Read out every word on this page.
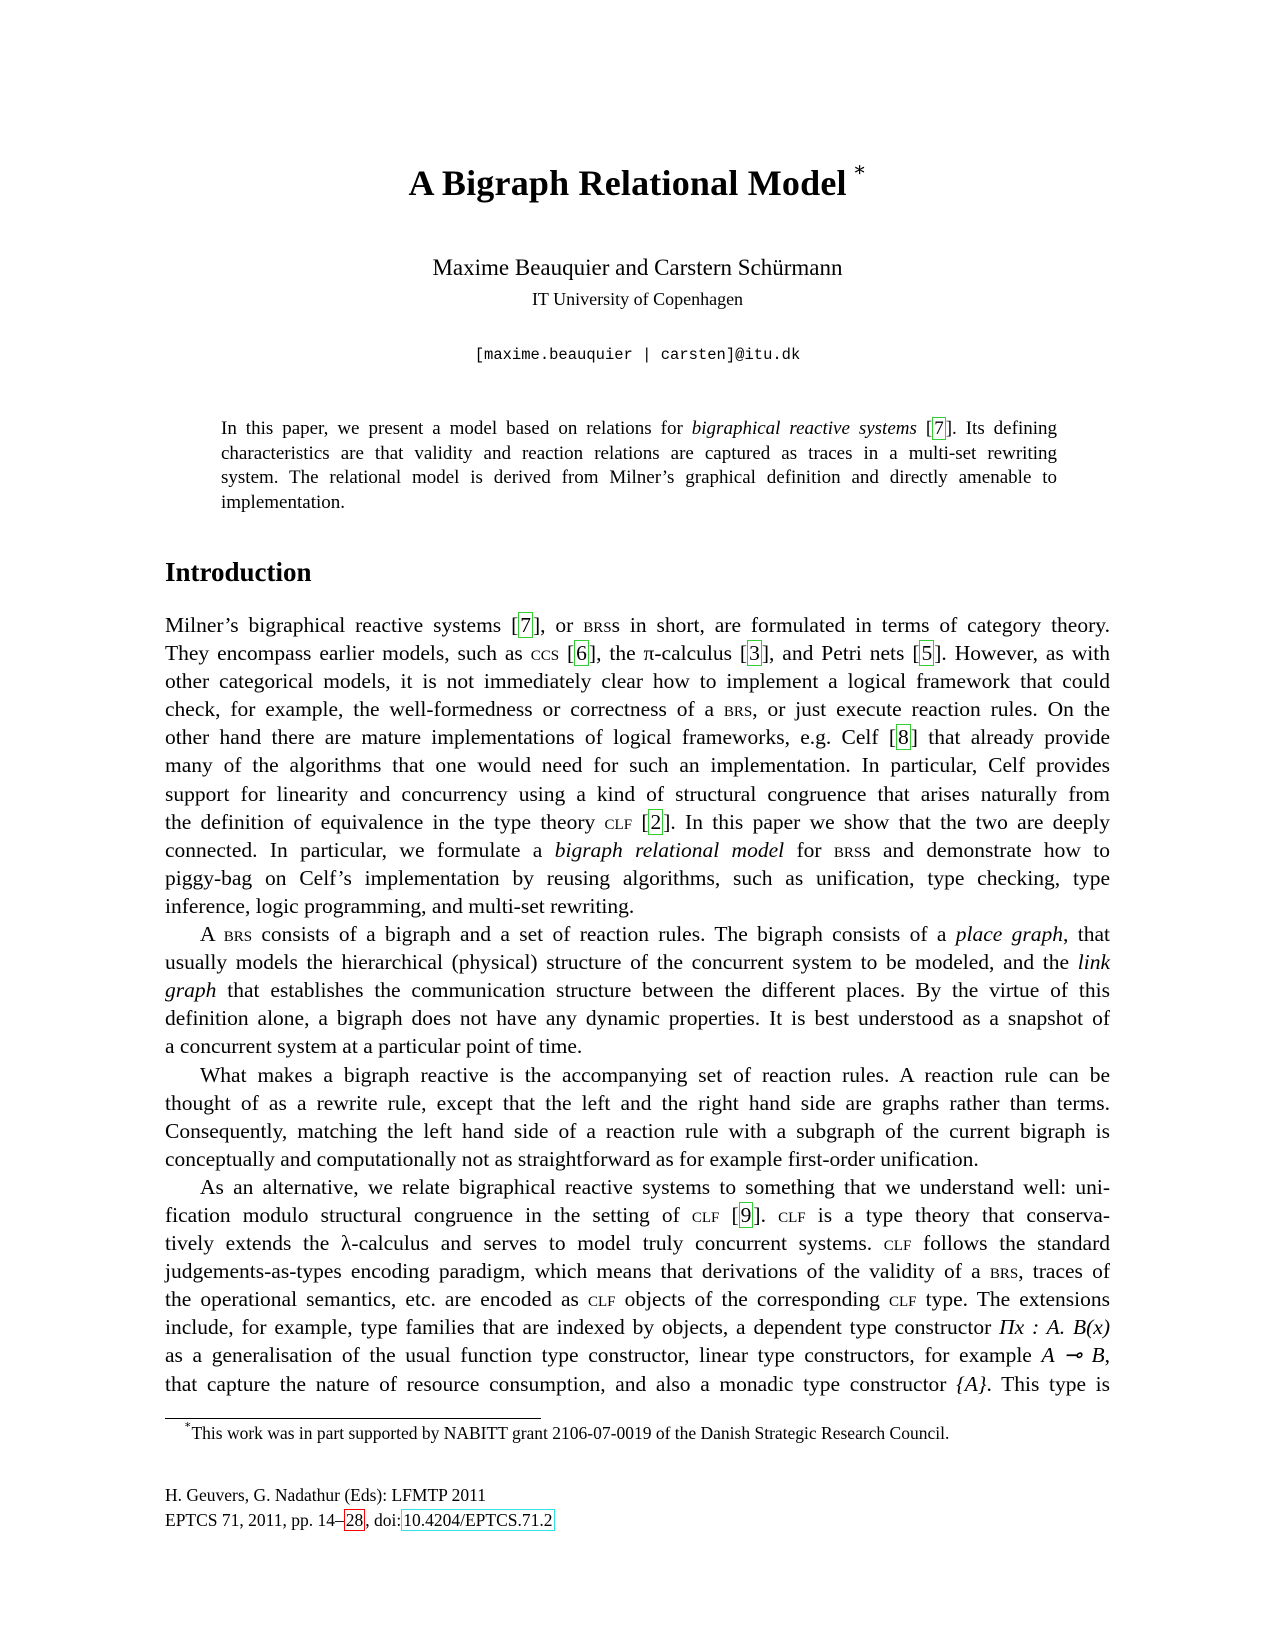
A Bigraph Relational Model ∗
Maxime Beauquier and Carstern Schürmann
IT University of Copenhagen
[maxime.beauquier | carsten]@itu.dk
In this paper, we present a model based on relations for bigraphical reactive systems [ 7 ]. Its defining
characteristics are that validity and reaction relations are captured as traces in a multi-set rewriting
system. The relational model is derived from Milner’s graphical definition and directly amenable to
implementation.
Introduction
Milner’s bigraphical reactive systems [7], or brss in short, are formulated in terms of category theory.
They encompass earlier models, such as ccs [6], the π-calculus [3], and Petri nets [5]. However, as with
other categorical models, it is not immediately clear how to implement a logical framework that could
check, for example, the well-formedness or correctness of a brs, or just execute reaction rules. On the
other hand there are mature implementations of logical frameworks, e.g. Celf [8] that already provide
many of the algorithms that one would need for such an implementation. In particular, Celf provides
support for linearity and concurrency using a kind of structural congruence that arises naturally from
the definition of equivalence in the type theory clf [2]. In this paper we show that the two are deeply
connected. In particular, we formulate a bigraph relational model for brss and demonstrate how to
piggy-bag on Celf’s implementation by reusing algorithms, such as unification, type checking, type
inference, logic programming, and multi-set rewriting.
A brs consists of a bigraph and a set of reaction rules. The bigraph consists of a place graph, that
usually models the hierarchical (physical) structure of the concurrent system to be modeled, and the link
graph that establishes the communication structure between the different places. By the virtue of this
definition alone, a bigraph does not have any dynamic properties. It is best understood as a snapshot of
a concurrent system at a particular point of time.
What makes a bigraph reactive is the accompanying set of reaction rules. A reaction rule can be
thought of as a rewrite rule, except that the left and the right hand side are graphs rather than terms.
Consequently, matching the left hand side of a reaction rule with a subgraph of the current bigraph is
conceptually and computationally not as straightforward as for example first-order unification.
As an alternative, we relate bigraphical reactive systems to something that we understand well: uni-
fication modulo structural congruence in the setting of clf [9]. clf is a type theory that conserva-
tively extends the λ-calculus and serves to model truly concurrent systems. clf follows the standard
judgements-as-types encoding paradigm, which means that derivations of the validity of a brs, traces of
the operational semantics, etc. are encoded as clf objects of the corresponding clf type. The extensions
include, for example, type families that are indexed by objects, a dependent type constructor Πx : A. B(x)
as a generalisation of the usual function type constructor, linear type constructors, for example A ⊸ B,
that capture the nature of resource consumption, and also a monadic type constructor {A}. This type is
∗This work was in part supported by NABITT grant 2106-07-0019 of the Danish Strategic Research Council.
H. Geuvers, G. Nadathur (Eds): LFMTP 2011
EPTCS 71, 2011, pp. 14– 28 , doi: 10.4204/EPTCS.71.2
